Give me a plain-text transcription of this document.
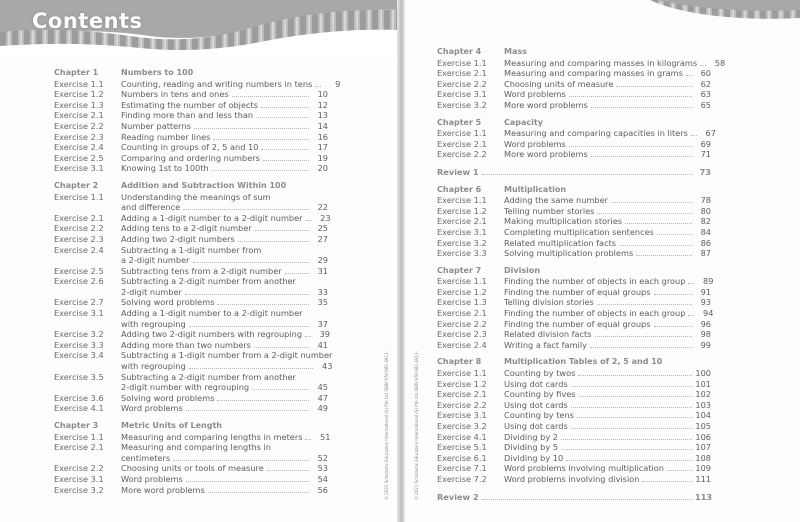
Contents
© 2021 Scholastic Education International (S) Pte Ltd ISBN 978-981-4913-	© 2021 Scholastic Education International (S) Pte Ltd ISBN 978-981-4913-
Chapter 1	Numbers to 100
Exercise 1.1	Counting, reading and writing numbers in tens	9
Exercise 1.2	Numbers in tens and ones	10
Exercise 1.3	Estimating the number of objects	12
Exercise 2.1	Finding more than and less than	13
Exercise 2.2	Number patterns	14
Exercise 2.3	Reading number lines	16
Exercise 2.4	Counting in groups of 2, 5 and 10	17
Exercise 2.5	Comparing and ordering numbers	19
Exercise 3.1	Knowing 1st to 100th	20
Chapter 2	Addition and Subtraction Within 100
Exercise 1.1	Understanding the meanings of sum
and difference	22
Exercise 2.1	Adding a 1-digit number to a 2-digit number	23
Exercise 2.2	Adding tens to a 2-digit number	25
Exercise 2.3	Adding two 2-digit numbers	27
Exercise 2.4	Subtracting a 1-digit number from
a 2-digit number	29
Exercise 2.5	Subtracting tens from a 2-digit number	31
Exercise 2.6	Subtracting a 2-digit number from another
2-digit number	33
Exercise 2.7	Solving word problems	35
Exercise 3.1	Adding a 1-digit number to a 2-digit number
with regrouping	37
Exercise 3.2	Adding two 2-digit numbers with regrouping	39
Exercise 3.3	Adding more than two numbers	41
Exercise 3.4	Subtracting a 1-digit number from a 2-digit number
with regrouping	43
Exercise 3.5	Subtracting a 2-digit number from another
2-digit number with regrouping	45
Exercise 3.6	Solving word problems	47
Exercise 4.1	Word problems	49
Chapter 3	Metric Units of Length
Exercise 1.1	Measuring and comparing lengths in meters	51
Exercise 2.1	Measuring and comparing lengths in
centimeters	52
Exercise 2.2	Choosing units or tools of measure	53
Exercise 3.1	Word problems	54
Exercise 3.2	More word problems	56
Chapter 4	Mass
Exercise 1.1	Measuring and comparing masses in kilograms	58
Exercise 2.1	Measuring and comparing masses in grams	60
Exercise 2.2	Choosing units of measure	62
Exercise 3.1	Word problems	63
Exercise 3.2	More word problems	65
Chapter 5	Capacity
Exercise 1.1	Measuring and comparing capacities in liters	67
Exercise 2.1	Word problems	69
Exercise 2.2	More word problems	71
Review 1	73
Chapter 6	Multiplication
Exercise 1.1	Adding the same number	78
Exercise 1.2	Telling number stories	80
Exercise 2.1	Making multiplication stories	82
Exercise 3.1	Completing multiplication sentences	84
Exercise 3.2	Related multiplication facts	86
Exercise 3.3	Solving multiplication problems	87
Chapter 7	Division
Exercise 1.1	Finding the number of objects in each group	89
Exercise 1.2	Finding the number of equal groups	91
Exercise 1.3	Telling division stories	93
Exercise 2.1	Finding the number of objects in each group	94
Exercise 2.2	Finding the number of equal groups	96
Exercise 2.3	Related division facts	98
Exercise 2.4	Writing a fact family	99
Chapter 8	Multiplication Tables of 2, 5 and 10
Exercise 1.1	Counting by twos	100
Exercise 1.2	Using dot cards	101
Exercise 2.1	Counting by fives	102
Exercise 2.2	Using dot cards	103
Exercise 3.1	Counting by tens	104
Exercise 3.2	Using dot cards	105
Exercise 4.1	Dividing by 2	106
Exercise 5.1	Dividing by 5	107
Exercise 6.1	Dividing by 10	108
Exercise 7.1	Word problems involving multiplication	109
Exercise 7.2	Word problems involving division	111
Review 2	113
